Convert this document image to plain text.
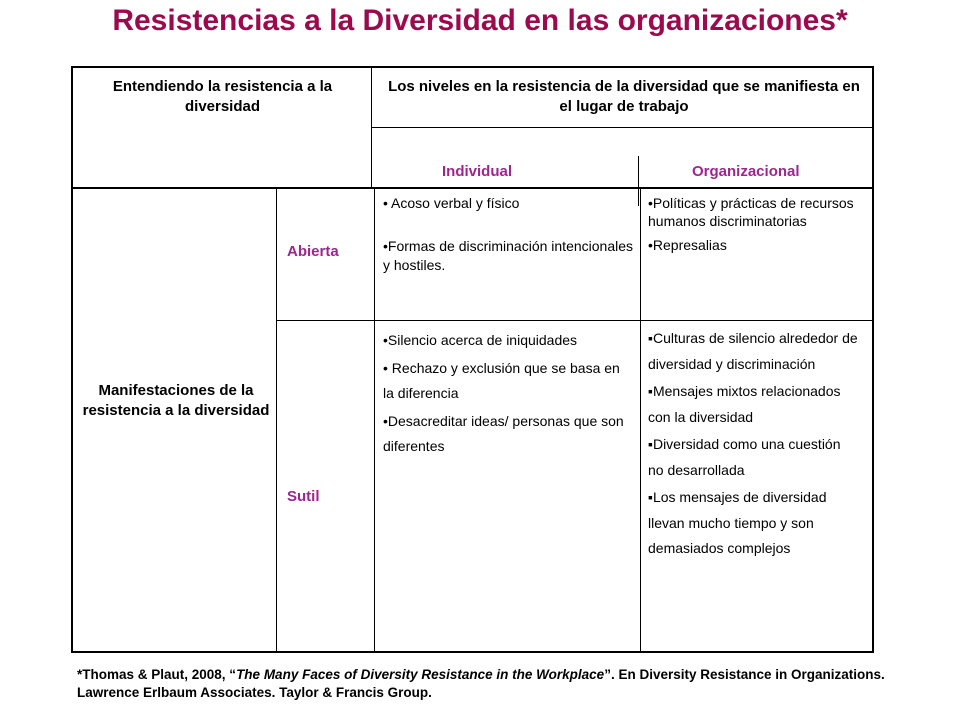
Resistencias a la Diversidad en las organizaciones*
Entendiendo la resistencia a la diversidad
Los niveles en la resistencia de la diversidad que se manifiesta en el lugar de trabajo
Individual	Organizacional
Manifestaciones de la resistencia a la diversidad
Abierta
Sutil

• Acoso verbal y físico

•Formas de discriminación intencionales y hostiles.

•Políticas y prácticas de recursos humanos discriminatorias

•Represalias

•Silencio acerca de iniquidades

• Rechazo y exclusión que se basa en la diferencia

•Desacreditar ideas/ personas que son diferentes

▪Culturas de silencio alrededor de diversidad y discriminación

▪Mensajes mixtos relacionados con la diversidad

▪Diversidad como una cuestión no desarrollada

▪Los mensajes de diversidad llevan mucho tiempo y son demasiados complejos

*Thomas & Plaut, 2008, “The Many Faces of Diversity Resistance in the Workplace”. En Diversity Resistance in Organizations. Lawrence Erlbaum Associates. Taylor & Francis Group.
